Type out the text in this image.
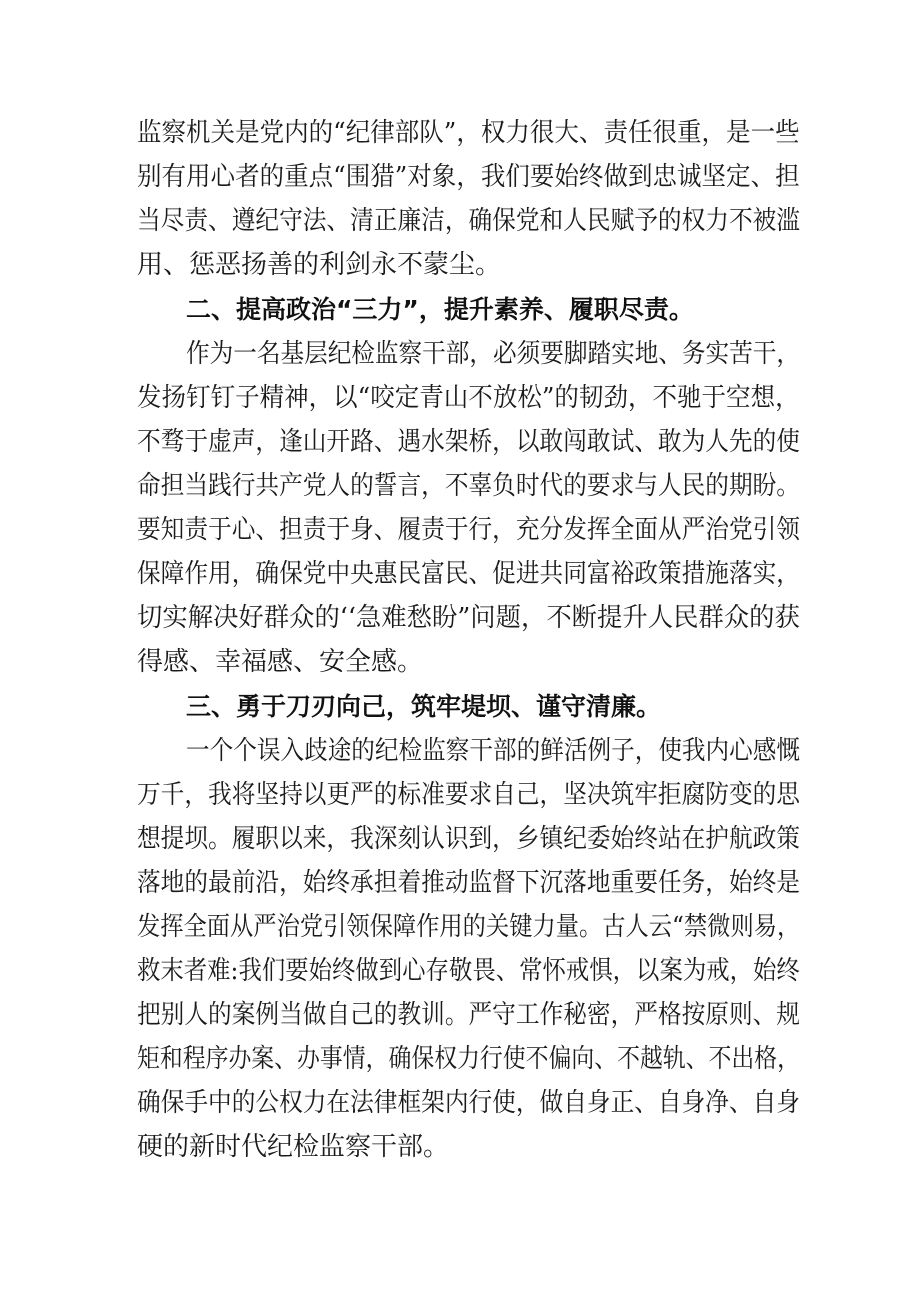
监察机关是党内的“纪律部队”，权力很大、责任很重，是一些
别有用心者的重点“围猎”对象，我们要始终做到忠诚坚定、担
当尽责、遵纪守法、清正廉洁，确保党和人民赋予的权力不被滥
用、惩恶扬善的利剑永不蒙尘。
二、提高政治“三力”，提升素养、履职尽责。
作为一名基层纪检监察干部，必须要脚踏实地、务实苦干，
发扬钉钉子精神，以“咬定青山不放松”的韧劲，不驰于空想，
不骛于虚声，逢山开路、遇水架桥，以敢闯敢试、敢为人先的使
命担当践行共产党人的誓言，不辜负时代的要求与人民的期盼。
要知责于心、担责于身、履责于行，充分发挥全面从严治党引领
保障作用，确保党中央惠民富民、促进共同富裕政策措施落实，
切实解决好群众的‘‘急难愁盼”问题，不断提升人民群众的获
得感、幸福感、安全感。
三、勇于刀刃向己，筑牢堤坝、谨守清廉。
一个个误入歧途的纪检监察干部的鲜活例子，使我内心感慨
万千，我将坚持以更严的标准要求自己，坚决筑牢拒腐防变的思
想提坝。履职以来，我深刻认识到，乡镇纪委始终站在护航政策
落地的最前沿，始终承担着推动监督下沉落地重要任务，始终是
发挥全面从严治党引领保障作用的关键力量。古人云“禁微则易，
救末者难:我们要始终做到心存敬畏、常怀戒惧，以案为戒，始终
把别人的案例当做自己的教训。严守工作秘密，严格按原则、规
矩和程序办案、办事情，确保权力行使不偏向、不越轨、不出格，
确保手中的公权力在法律框架内行使，做自身正、自身净、自身
硬的新时代纪检监察干部。
